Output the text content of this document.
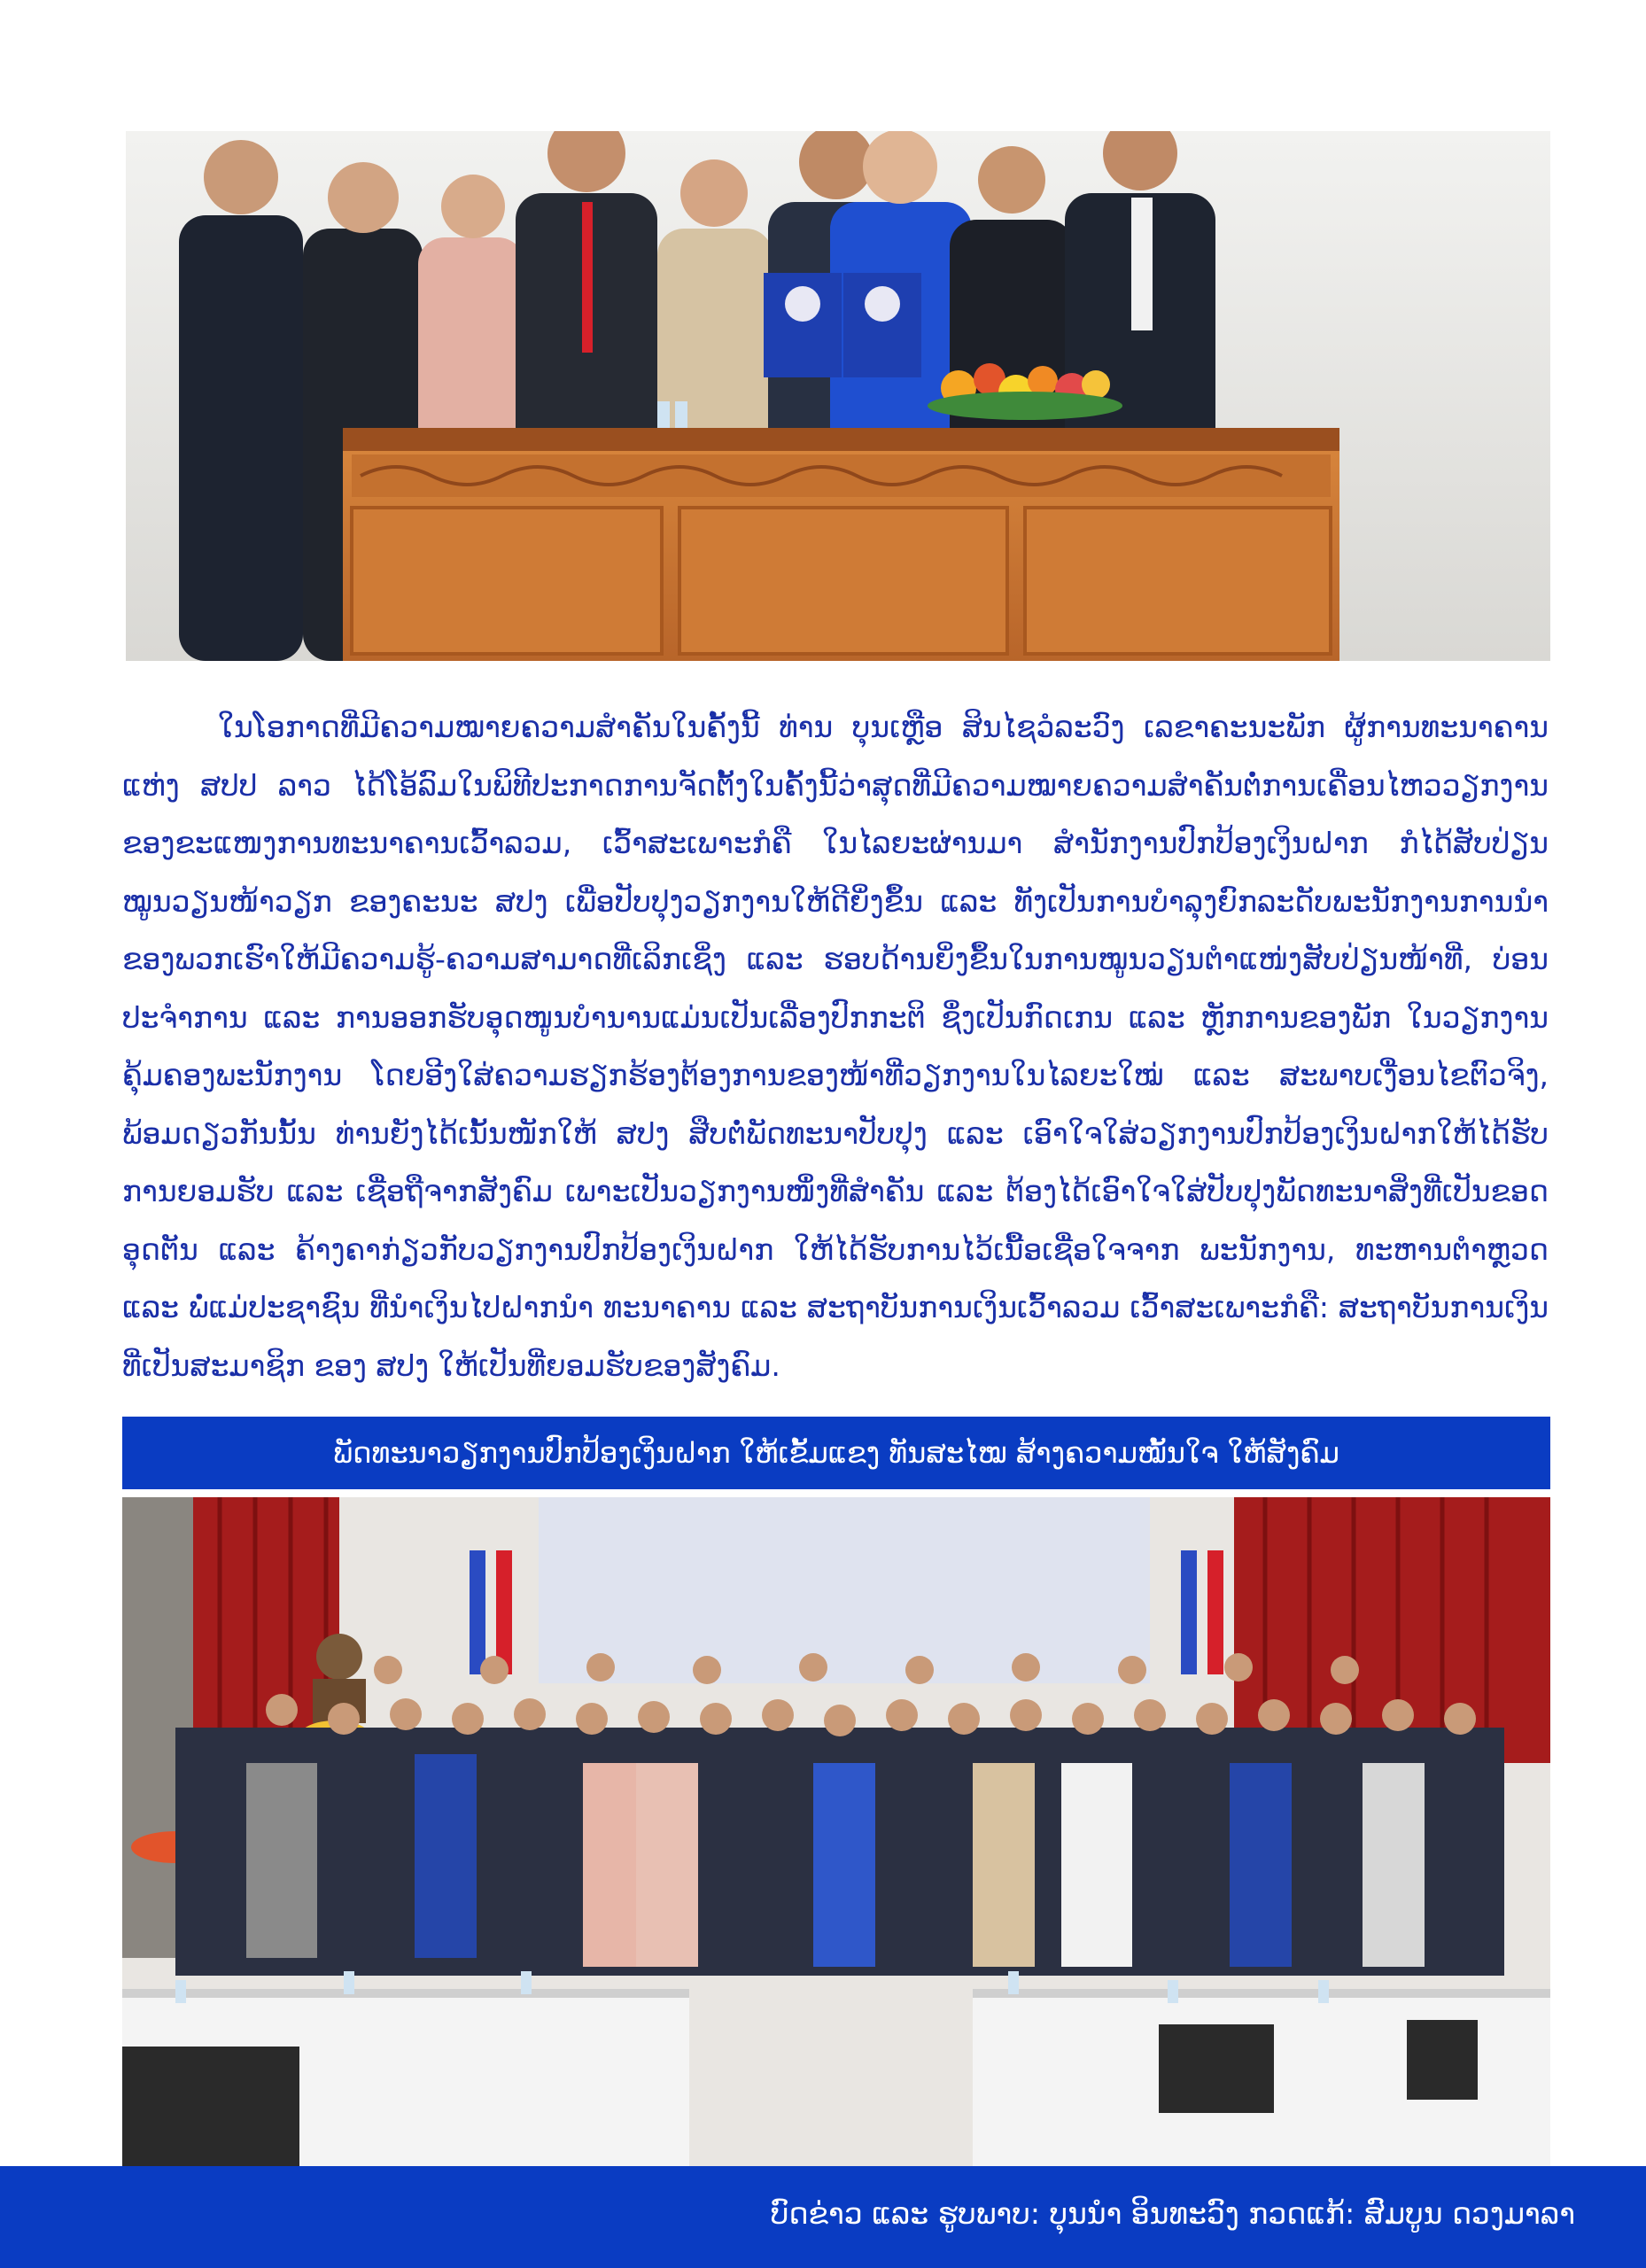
ໃນໂອກາດທີ່ມີຄວາມໝາຍຄວາມສຳຄັນໃນຄັ້ງນີ້ ທ່ານ ບຸນເຫຼືອ ສິນໄຊວໍລະວົງ ເລຂາຄະນະພັກ ຜູ້ການທະນາຄານແຫ່ງ ສປປ ລາວ ໄດ້ໂອ້ລົມໃນພິທີປະກາດການຈັດຕັ້ງໃນຄັ້ງນີ້ວ່າສຸດທີ່ມີຄວາມໝາຍຄວາມສຳຄັນຕໍ່ການເຄື່ອນໄຫວວຽກງານ ຂອງຂະແໜງການທະນາຄານເວົ້າລວມ, ເວົ້າສະເພາະກໍຄື ໃນໄລຍະຜ່ານມາ ສຳນັກງານປົກປ້ອງເງິນຝາກ ກໍໄດ້ສັບປ່ຽນໝູນວຽນໜ້າວຽກ ຂອງຄະນະ ສປງ ເພື່ອປັບປຸງວຽກງານໃຫ້ດີຍິ່ງຂຶ້ນ ແລະ ທັງເປັນການບຳລຸງຍົກລະດັບພະນັກງານການນຳ ຂອງພວກເຮົາໃຫ້ມີຄວາມຮູ້-ຄວາມສາມາດທີ່ເລິກເຊິ່ງ ແລະ ຮອບດ້ານຍິ່ງຂຶ້ນໃນການໝູນວຽນຕຳແໜ່ງສັບປ່ຽນໜ້າທີ່, ບ່ອນປະຈຳການ ແລະ ການອອກຮັບອຸດໜູນບຳນານແມ່ນເປັນເລື່ອງປົກກະຕິ ຊຶ່ງເປັນກົດເກນ ແລະ ຫຼັກການຂອງພັກ ໃນວຽກງານຄຸ້ມຄອງພະນັກງານ ໂດຍອີງໃສ່ຄວາມຮຽກຮ້ອງຕ້ອງການຂອງໜ້າທີ່ວຽກງານໃນໄລຍະໃໝ່ ແລະ ສະພາບເງື່ອນໄຂຕົວຈິງ, ພ້ອມດຽວກັນນັ້ນ ທ່ານຍັງໄດ້ເນັ້ນໜັກໃຫ້ ສປງ ສືບຕໍ່ພັດທະນາປັບປຸງ ແລະ ເອົາໃຈໃສ່ວຽກງານປົກປ້ອງເງິນຝາກໃຫ້ໄດ້ຮັບການຍອມຮັບ ແລະ ເຊື່ອຖືຈາກສັງຄົມ ເພາະເປັນວຽກງານໜຶ່ງທີ່ສຳຄັນ ແລະ ຕ້ອງໄດ້ເອົາໃຈໃສ່ປັບປຸງພັດທະນາສິ່ງທີ່ເປັນຂອດອຸດຕັນ ແລະ ຄ້າງຄາກ່ຽວກັບວຽກງານປົກປ້ອງເງິນຝາກ ໃຫ້ໄດ້ຮັບການໄວ້ເນື້ອເຊື່ອໃຈຈາກ ພະນັກງານ, ທະຫານຕຳຫຼວດ ແລະ ພໍ່ແມ່ປະຊາຊົນ ທີ່ນຳເງິນໄປຝາກນຳ ທະນາຄານ ແລະ ສະຖາບັນການເງິນເວົ້າລວມ ເວົ້າສະເພາະກໍຄື: ສະຖາບັນການເງິນ ທີ່ເປັນສະມາຊິກ ຂອງ ສປງ ໃຫ້ເປັນທີ່ຍອມຮັບຂອງສັງຄົມ.

ພັດທະນາວຽກງານປົກປ້ອງເງິນຝາກ ໃຫ້ເຂັ້ມແຂງ ທັນສະໄໝ ສ້າງຄວາມໝັ້ນໃຈ ໃຫ້ສັງຄົມ
ບົດຂ່າວ ແລະ ຮູບພາບ: ບຸນນຳ ອິນທະວົງ ກວດແກ້: ສົມບູນ ດວງມາລາ
